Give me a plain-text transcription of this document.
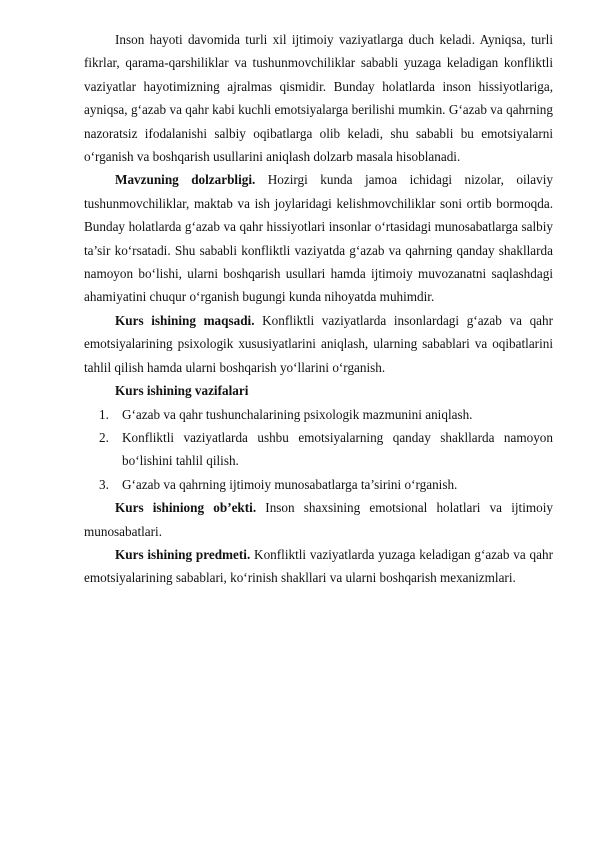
Inson hayoti davomida turli xil ijtimoiy vaziyatlarga duch keladi. Ayniqsa, turli fikrlar, qarama-qarshiliklar va tushunmovchiliklar sababli yuzaga keladigan konfliktli vaziyatlar hayotimizning ajralmas qismidir. Bunday holatlarda inson hissiyotlariga, ayniqsa, g‘azab va qahr kabi kuchli emotsiyalarga berilishi mumkin. G‘azab va qahrning nazoratsiz ifodalanishi salbiy oqibatlarga olib keladi, shu sababli bu emotsiyalarni o‘rganish va boshqarish usullarini aniqlash dolzarb masala hisoblanadi.

Mavzuning dolzarbligi. Hozirgi kunda jamoa ichidagi nizolar, oilaviy tushunmovchiliklar, maktab va ish joylaridagi kelishmovchiliklar soni ortib bormoqda. Bunday holatlarda g‘azab va qahr hissiyotlari insonlar o‘rtasidagi munosabatlarga salbiy ta’sir ko‘rsatadi. Shu sababli konfliktli vaziyatda g‘azab va qahrning qanday shakllarda namoyon bo‘lishi, ularni boshqarish usullari hamda ijtimoiy muvozanatni saqlashdagi ahamiyatini chuqur o‘rganish bugungi kunda nihoyatda muhimdir.

Kurs ishining maqsadi. Konfliktli vaziyatlarda insonlardagi g‘azab va qahr emotsiyalarining psixologik xususiyatlarini aniqlash, ularning sabablari va oqibatlarini tahlil qilish hamda ularni boshqarish yo‘llarini o‘rganish.

Kurs ishining vazifalari

1. G‘azab va qahr tushunchalarining psixologik mazmunini aniqlash.
2. Konfliktli vaziyatlarda ushbu emotsiyalarning qanday shakllarda namoyon bo‘lishini tahlil qilish.
3. G‘azab va qahrning ijtimoiy munosabatlarga ta’sirini o‘rganish.

Kurs ishiniong ob’ekti. Inson shaxsining emotsional holatlari va ijtimoiy munosabatlari.

Kurs ishining predmeti. Konfliktli vaziyatlarda yuzaga keladigan g‘azab va qahr emotsiyalarining sabablari, ko‘rinish shakllari va ularni boshqarish mexanizmlari.
